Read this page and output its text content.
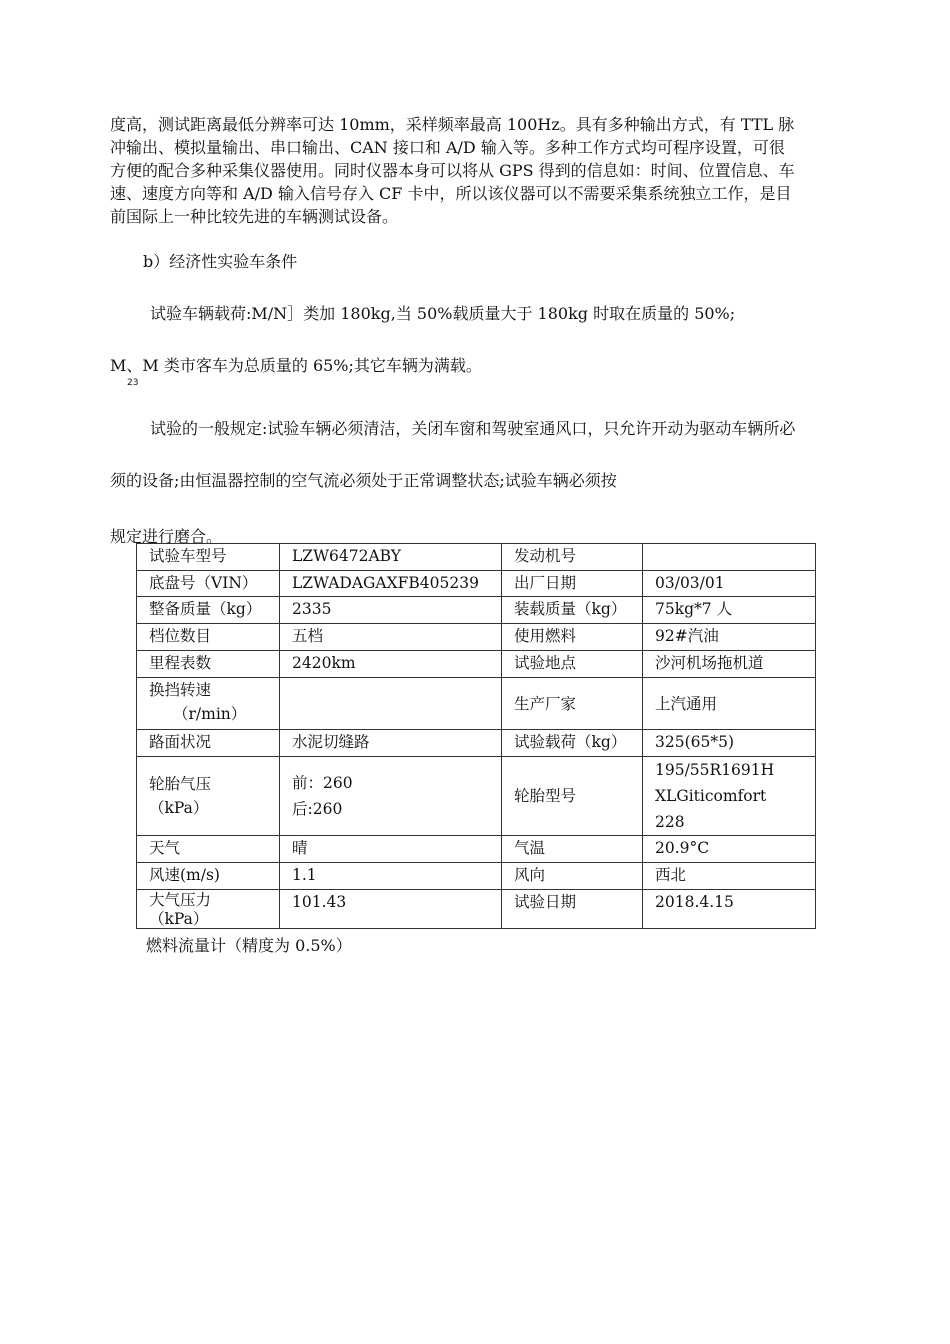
度高，测试距离最低分辨率可达 10mm，采样频率最高 100Hz。具有多种输出方式，有 TTL 脉
冲输出、模拟量输出、串口输出、CAN 接口和 A/D 输入等。多种工作方式均可程序设置，可很
方便的配合多种采集仪器使用。同时仪器本身可以将从 GPS 得到的信息如：时间、位置信息、车
速、速度方向等和 A/D 输入信号存入 CF 卡中，所以该仪器可以不需要采集系统独立工作，是目
前国际上一种比较先进的车辆测试设备。
b）经济性实验车条件
试验车辆载荷:M/N］类加 180kg,当 50%载质量大于 180kg 时取在质量的 50%;
M、M 类市客车为总质量的 65%;其它车辆为满载。
23
试验的一般规定:试验车辆必须清洁，关闭车窗和驾驶室通风口，只允许开动为驱动车辆所必
须的设备;由恒温器控制的空气流必须处于正常调整状态;试验车辆必须按
规定进行磨合。
试验车型号	LZW6472ABY	发动机号	
底盘号（VIN）	LZWADAGAXFB405239	出厂日期	03/03/01
整备质量（kg）	2335	装载质量（kg）	75kg*7 人
档位数目	五档	使用燃料	92#汽油
里程表数	2420km	试验地点	沙河机场拖机道

换挡转速
（r/min）		生产厂家	上汽通用
路面状况	水泥切缝路	试验载荷（kg）	325(65*5)

轮胎气压
（kPa）	前：260
后:260	轮胎型号	195/55R1691H
XLGiticomfort
228

天气	晴	气温	20.9°C
风速(m/s)	1.1	风向	西北

大气压力
（kPa）	101.43	试验日期	2018.4.15
燃料流量计（精度为 0.5%）
